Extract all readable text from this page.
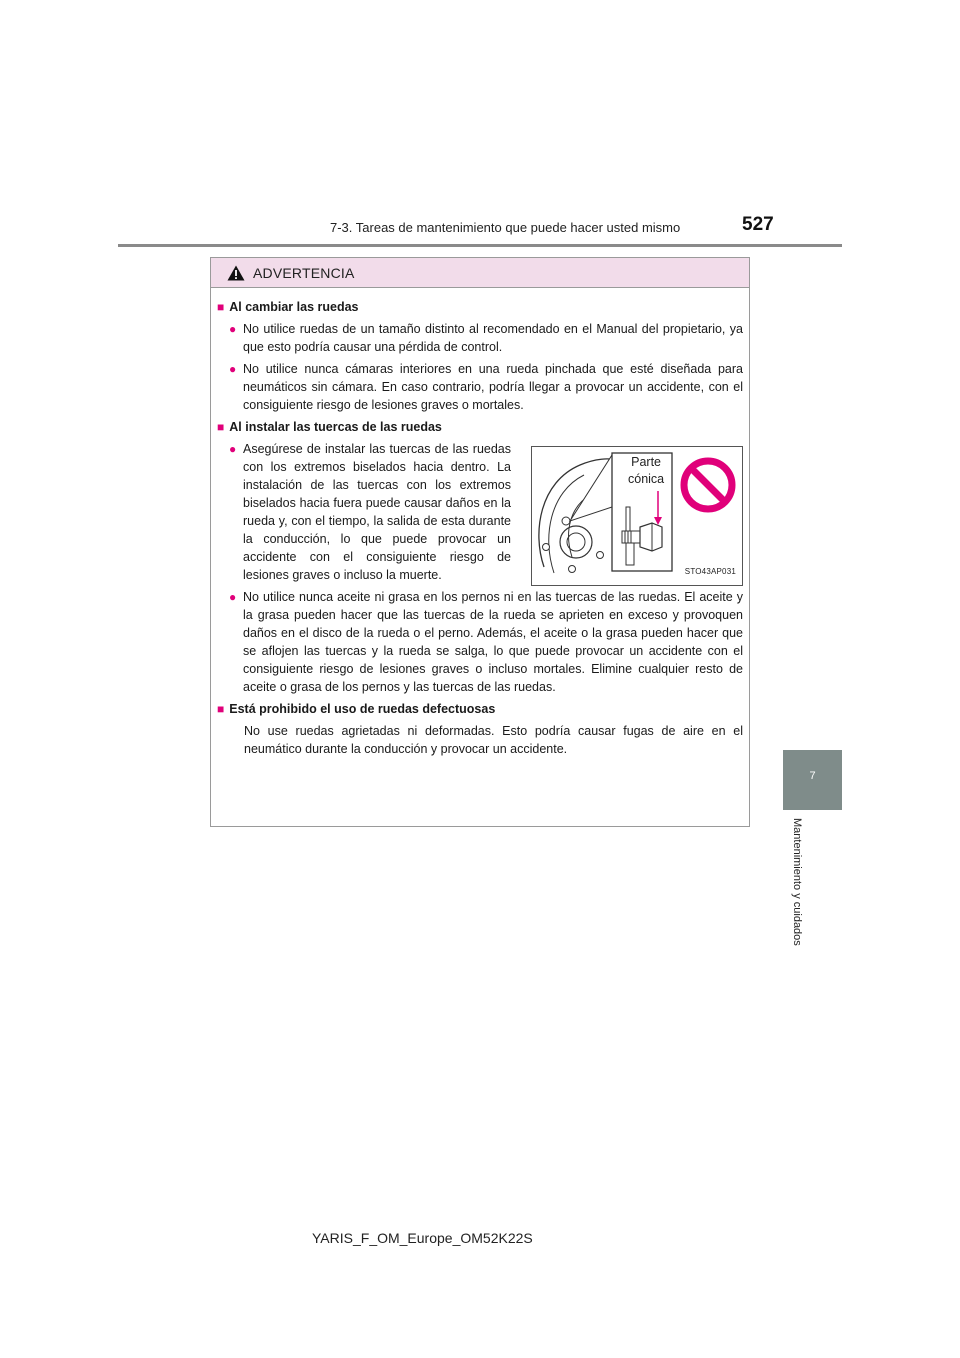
7-3. Tareas de mantenimiento que puede hacer usted mismo	527
7
Mantenimiento y cuidados
ADVERTENCIA
■ Al cambiar las ruedas
● No utilice ruedas de un tamaño distinto al recomendado en el Manual del propietario, ya que esto podría causar una pérdida de control.
● No utilice nunca cámaras interiores en una rueda pinchada que esté diseñada para neumáticos sin cámara. En caso contrario, podría llegar a provocar un accidente, con el consiguiente riesgo de lesiones graves o mortales.
■ Al instalar las tuercas de las ruedas
● Asegúrese de instalar las tuercas de las ruedas con los extremos biselados hacia dentro. La instalación de las tuercas con los extremos biselados hacia fuera puede causar daños en la rueda y, con el tiempo, la salida de esta durante la conducción, lo que puede provocar un accidente con el consiguiente riesgo de lesiones graves o incluso la muerte.
Parte
cónica
STO43AP031
● No utilice nunca aceite ni grasa en los pernos ni en las tuercas de las ruedas. El aceite y la grasa pueden hacer que las tuercas de la rueda se aprieten en exceso y provoquen daños en el disco de la rueda o el perno. Además, el aceite o la grasa pueden hacer que se aflojen las tuercas y la rueda se salga, lo que puede provocar un accidente con el consiguiente riesgo de lesiones graves o incluso mortales. Elimine cualquier resto de aceite o grasa de los pernos y las tuercas de las ruedas.
■ Está prohibido el uso de ruedas defectuosas
No use ruedas agrietadas ni deformadas. Esto podría causar fugas de aire en el neumático durante la conducción y provocar un accidente.
YARIS_F_OM_Europe_OM52K22S
